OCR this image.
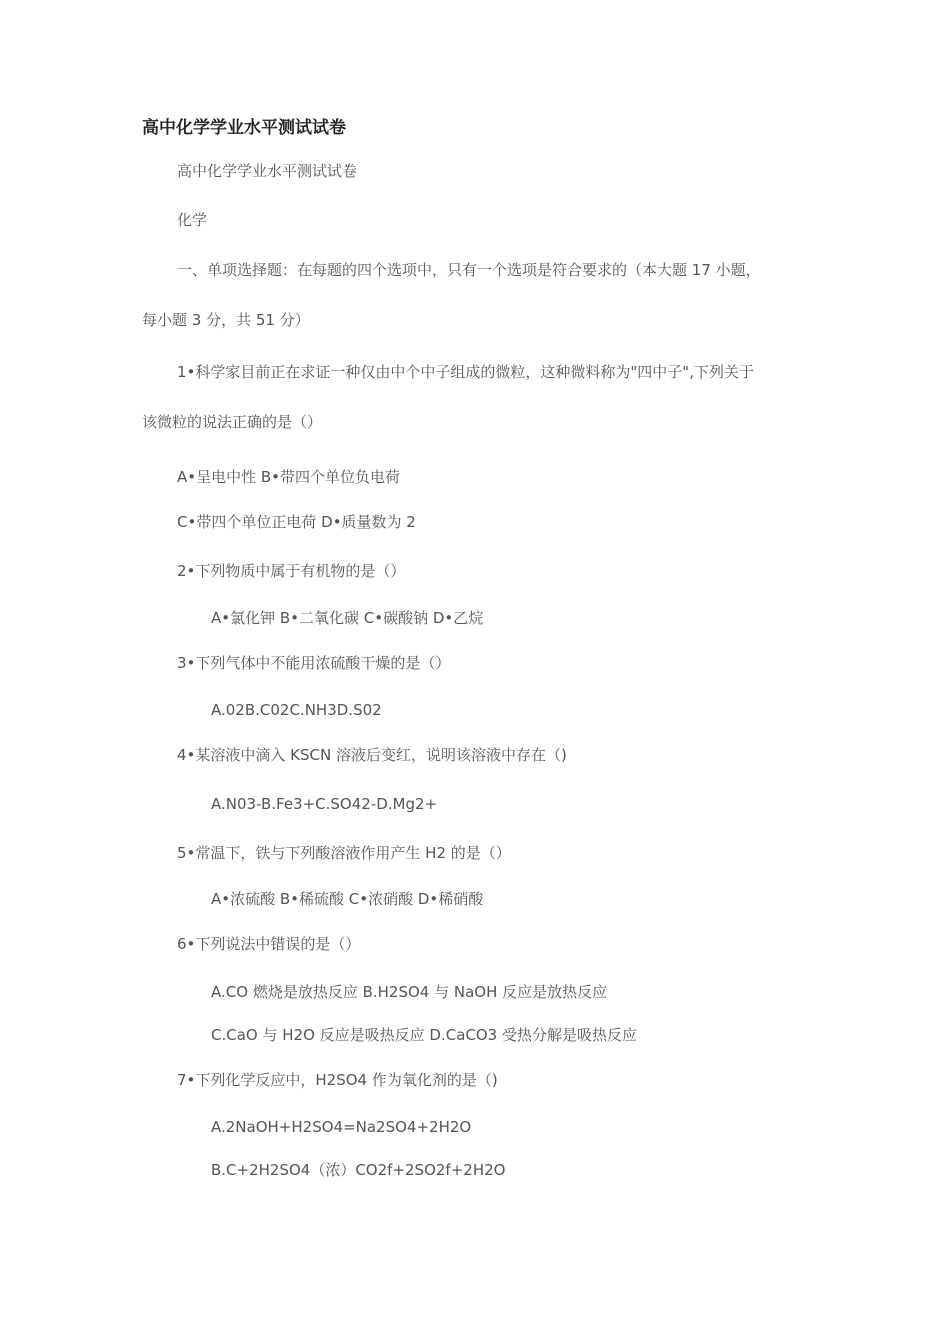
高中化学学业水平测试试卷
高中化学学业水平测试试卷
化学
一、单项选择题：在每题的四个选项中，只有一个选项是符合要求的（本大题 17 小题，
每小题 3 分，共 51 分）
1•科学家目前正在求证一种仅由中个中子组成的微粒，这种微料称为"四中子",下列关于
该微粒的说法正确的是（）
A•呈电中性 B•带四个单位负电荷
C•带四个单位正电荷 D•质量数为 2
2•下列物质中属于有机物的是（）
A•氯化钾 B•二氧化碳 C•碳酸钠 D•乙烷
3•下列气体中不能用浓硫酸干燥的是（）
A.02B.C02C.NH3D.S02
4•某溶液中滴入 KSCN 溶液后变红，说明该溶液中存在（)
A.N03-B.Fe3+C.SO42-D.Mg2+
5•常温下，铁与下列酸溶液作用产生 H2 的是（）
A•浓硫酸 B•稀硫酸 C•浓硝酸 D•稀硝酸
6•下列说法中错误的是（）
A.CO 燃烧是放热反应 B.H2SO4 与 NaOH 反应是放热反应
C.CaO 与 H2O 反应是吸热反应 D.CaCO3 受热分解是吸热反应
7•下列化学反应中，H2SO4 作为氧化剂的是（)
A.2NaOH+H2SO4=Na2SO4+2H2O
B.C+2H2SO4（浓）CO2f+2SO2f+2H2O
